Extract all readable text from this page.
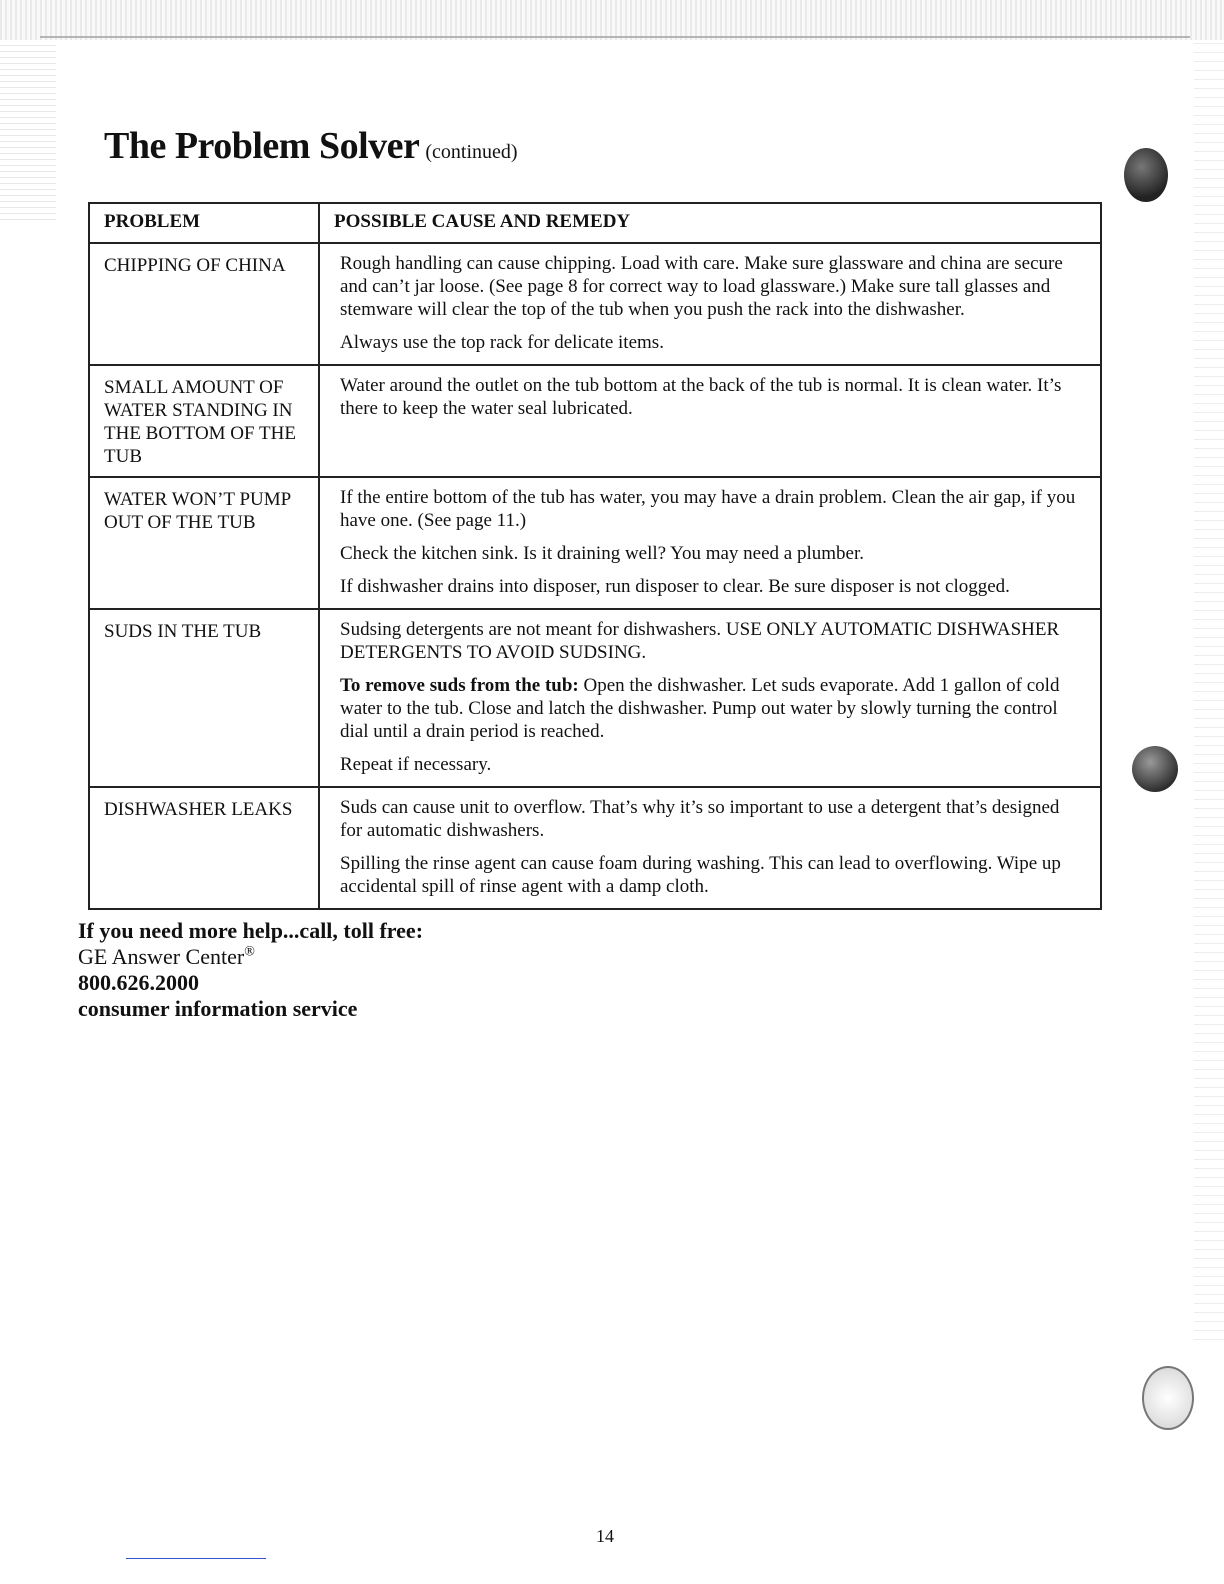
The Problem Solver (continued)
PROBLEM	POSSIBLE CAUSE AND REMEDY
CHIPPING OF CHINA	Rough handling can cause chipping. Load with care. Make sure glassware and china are secure and can’t jar loose. (See page 8 for correct way to load glassware.) Make sure tall glasses and stemware will clear the top of the tub when you push the rack into the dishwasher.

Always use the top rack for delicate items.

SMALL AMOUNT OF WATER STANDING IN THE BOTTOM OF THE TUB	Water around the outlet on the tub bottom at the back of the tub is normal. It is clean water. It’s there to keep the water seal lubricated.

WATER WON’T PUMP OUT OF THE TUB	If the entire bottom of the tub has water, you may have a drain problem. Clean the air gap, if you have one. (See page 11.)

Check the kitchen sink. Is it draining well? You may need a plumber.

If dishwasher drains into disposer, run disposer to clear. Be sure disposer is not clogged.

SUDS IN THE TUB	Sudsing detergents are not meant for dishwashers. USE ONLY AUTOMATIC DISHWASHER DETERGENTS TO AVOID SUDSING.

To remove suds from the tub: Open the dishwasher. Let suds evaporate. Add 1 gallon of cold water to the tub. Close and latch the dishwasher. Pump out water by slowly turning the control dial until a drain period is reached.

Repeat if necessary.

DISHWASHER LEAKS	Suds can cause unit to overflow. That’s why it’s so important to use a detergent that’s designed for automatic dishwashers.

Spilling the rinse agent can cause foam during washing. This can lead to overflowing. Wipe up accidental spill of rinse agent with a damp cloth.

If you need more help...call, toll free:
GE Answer Center®
800.626.2000
consumer information service
14
